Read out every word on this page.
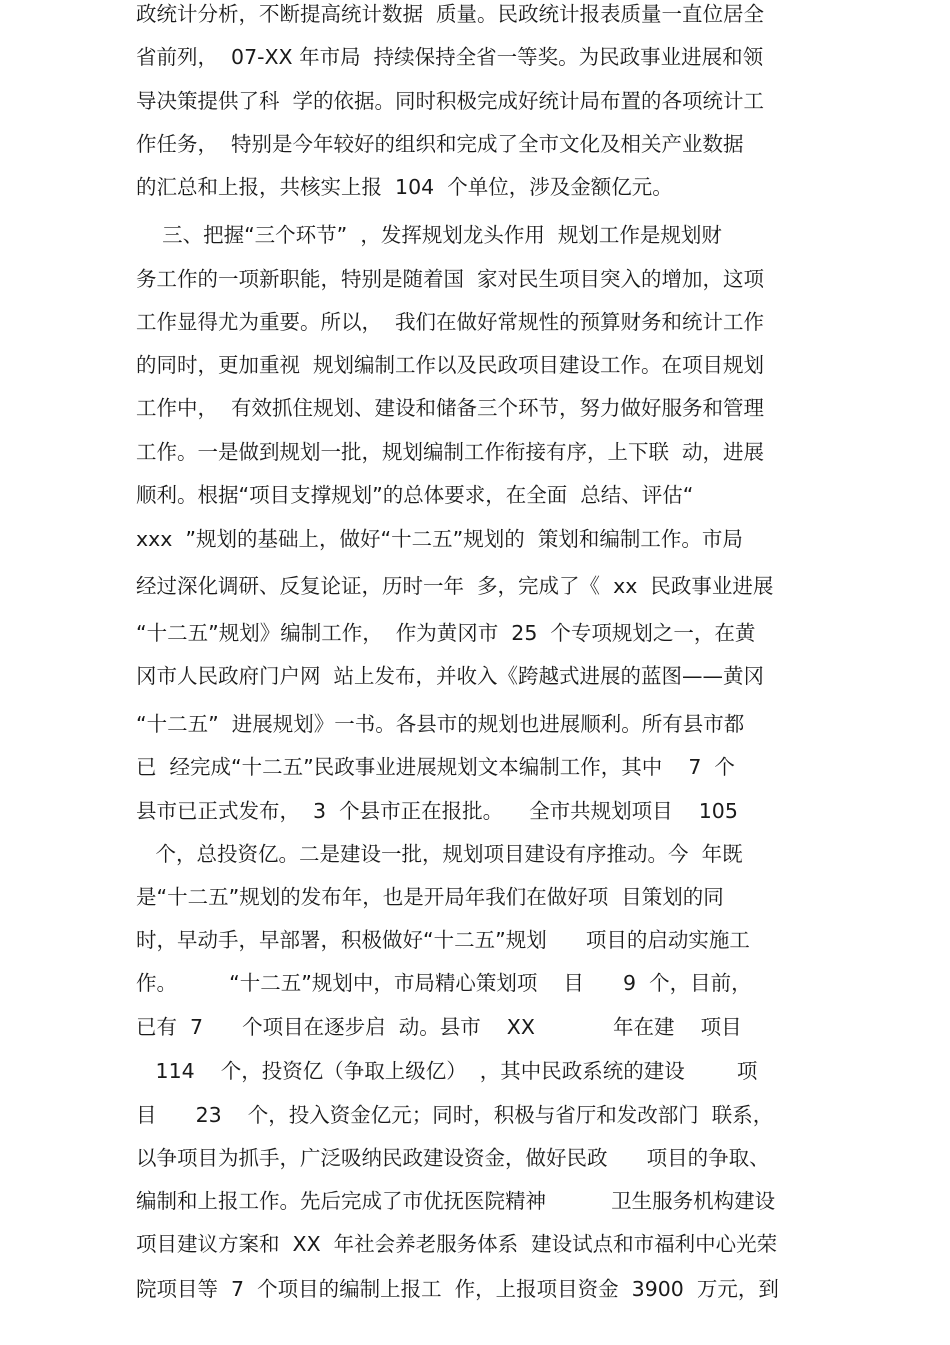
政统计分析，不断提高统计数据  质量。民政统计报表质量一直位居全
省前列，  07-XX 年市局  持续保持全省一等奖。为民政事业进展和领
导决策提供了科  学的依据。同时积极完成好统计局布置的各项统计工
作任务，  特别是今年较好的组织和完成了全市文化及相关产业数据
的汇总和上报，共核实上报  104  个单位，涉及金额亿元。
三、把握“三个环节”  ，发挥规划龙头作用  规划工作是规划财
务工作的一项新职能，特别是随着国  家对民生项目突入的增加，这项
工作显得尤为重要。所以，  我们在做好常规性的预算财务和统计工作
的同时，更加重视  规划编制工作以及民政项目建设工作。在项目规划
工作中，  有效抓住规划、建设和储备三个环节，努力做好服务和管理
工作。一是做到规划一批，规划编制工作衔接有序，上下联  动，进展
顺利。根据“项目支撑规划”的总体要求，在全面  总结、评估“
xxx  ”规划的基础上，做好“十二五”规划的  策划和编制工作。市局
经过深化调研、反复论证，历时一年  多，完成了《  xx  民政事业进展
“十二五”规划》编制工作，  作为黄冈市  25  个专项规划之一，在黄
冈市人民政府门户网  站上发布，并收入《跨越式进展的蓝图——黄冈
“十二五”  进展规划》一书。各县市的规划也进展顺利。所有县市都
已  经完成“十二五”民政事业进展规划文本编制工作，其中    7  个
县市已正式发布，  3  个县市正在报批。    全市共规划项目    105
个，总投资亿。二是建设一批，规划项目建设有序推动。今  年既
是“十二五”规划的发布年，也是开局年我们在做好项  目策划的同
时，早动手，早部署，积极做好“十二五”规划      项目的启动实施工
作。        “十二五”规划中，市局精心策划项    目      9  个，目前，
已有  7      个项目在逐步启  动。县市    XX            年在建    项目
114    个，投资亿（争取上级亿）  ，其中民政系统的建设        项
目      23    个，投入资金亿元；同时，积极与省厅和发改部门  联系，
以争项目为抓手，广泛吸纳民政建设资金，做好民政      项目的争取、
编制和上报工作。先后完成了市优抚医院精神          卫生服务机构建设
项目建议方案和  XX  年社会养老服务体系  建设试点和市福利中心光荣
院项目等  7  个项目的编制上报工  作，上报项目资金  3900  万元，到
